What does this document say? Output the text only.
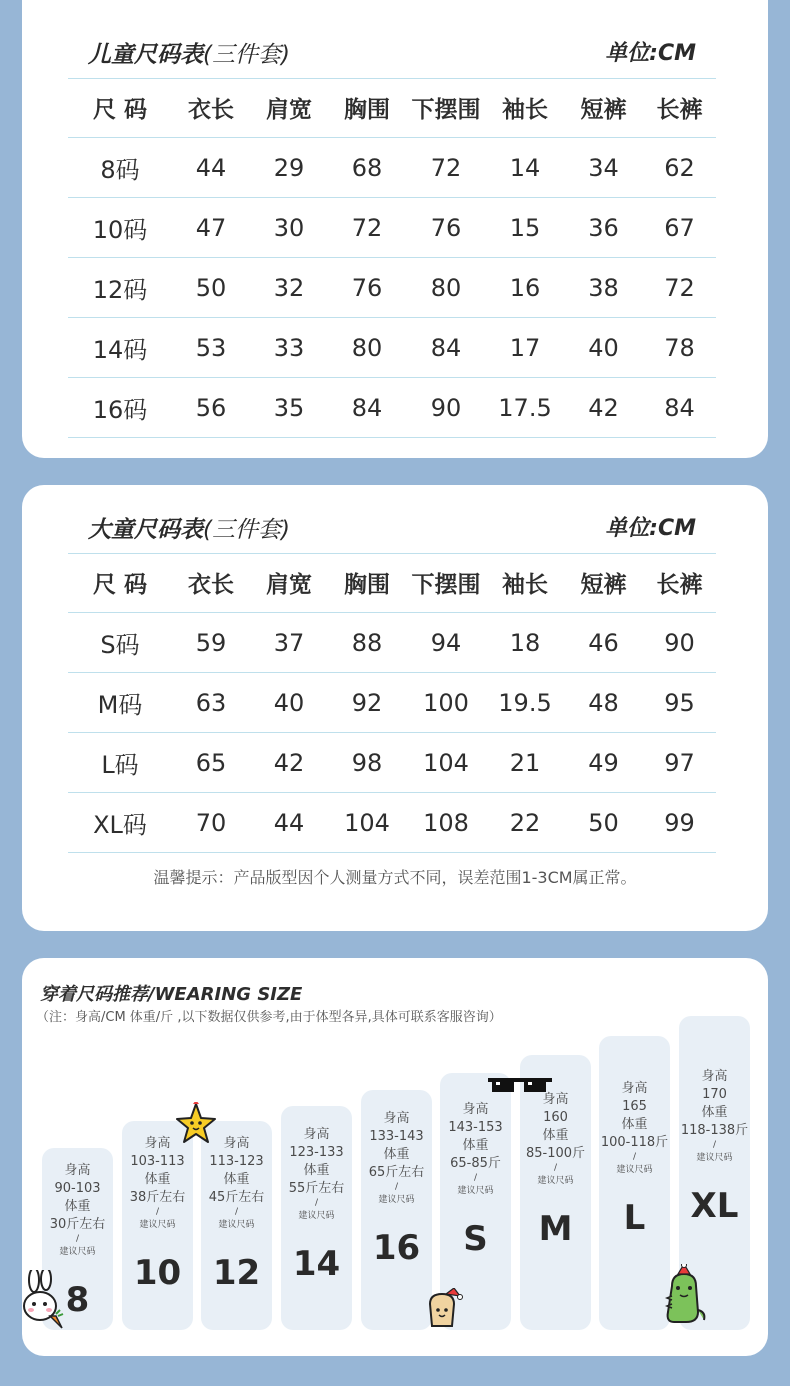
儿童尺码表(三件套)	单位:CM
尺 码	衣长	肩宽	胸围	下摆围	袖长	短裤	长裤
8码	44	29	68	72	14	34	62
10码	47	30	72	76	15	36	67
12码	50	32	76	80	16	38	72
14码	53	33	80	84	17	40	78
16码	56	35	84	90	17.5	42	84
大童尺码表(三件套)	单位:CM
尺 码	衣长	肩宽	胸围	下摆围	袖长	短裤	长裤
S码	59	37	88	94	18	46	90
M码	63	40	92	100	19.5	48	95
L码	65	42	98	104	21	49	97
XL码	70	44	104	108	22	50	99
温馨提示：产品版型因个人测量方式不同，误差范围1-3CM属正常。
穿着尺码推荐/WEARING SIZE
（注：身高/CM 体重/斤 ,以下数据仅供参考,由于体型各异,具体可联系客服咨询）
身高
90-103
体重
30斤左右
/
建议尺码
8
身高
103-113
体重
38斤左右
/
建议尺码
10
身高
113-123
体重
45斤左右
/
建议尺码
12
身高
123-133
体重
55斤左右
/
建议尺码
14
身高
133-143
体重
65斤左右
/
建议尺码
16
身高
143-153
体重
65-85斤
/
建议尺码
S
身高
160
体重
85-100斤
/
建议尺码
M
身高
165
体重
100-118斤
/
建议尺码
L
身高
170
体重
118-138斤
/
建议尺码
XL
